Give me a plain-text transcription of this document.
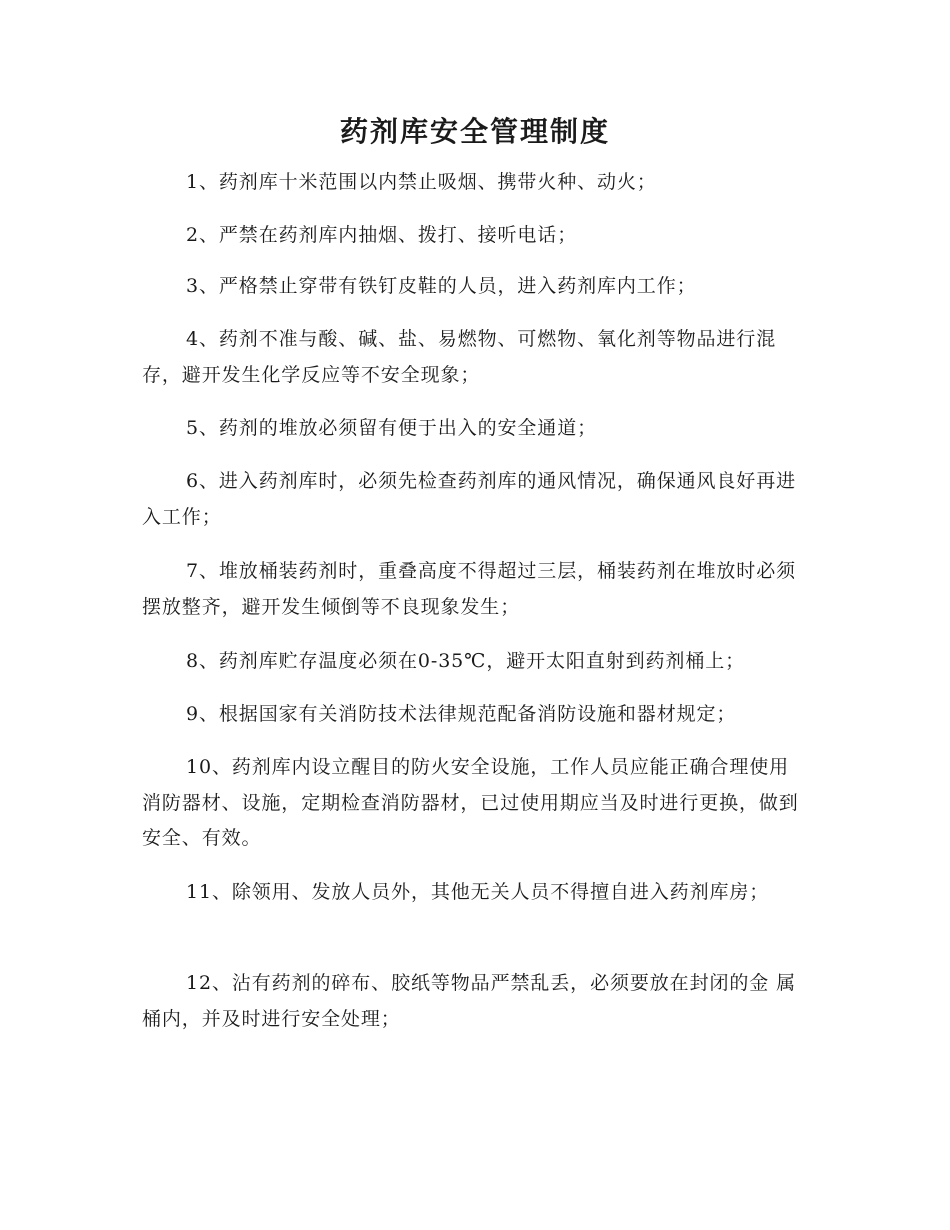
药剂库安全管理制度

1、药剂库十米范围以内禁止吸烟、携带火种、动火；

2、严禁在药剂库内抽烟、拨打、接听电话；

3、严格禁止穿带有铁钉皮鞋的人员，进入药剂库内工作；

4、药剂不准与酸、碱、盐、易燃物、可燃物、氧化剂等物品进行混存，避开发生化学反应等不安全现象；

5、药剂的堆放必须留有便于出入的安全通道；

6、进入药剂库时，必须先检查药剂库的通风情况，确保通风良好再进入工作；

7、堆放桶装药剂时，重叠高度不得超过三层，桶装药剂在堆放时必须摆放整齐，避开发生倾倒等不良现象发生；

8、药剂库贮存温度必须在0-35℃，避开太阳直射到药剂桶上；

9、根据国家有关消防技术法律规范配备消防设施和器材规定；

10、药剂库内设立醒目的防火安全设施，工作人员应能正确合理使用消防器材、设施，定期检查消防器材，已过使用期应当及时进行更换，做到安全、有效。

11、除领用、发放人员外，其他无关人员不得擅自进入药剂库房；

12、沾有药剂的碎布、胶纸等物品严禁乱丢，必须要放在封闭的金 属桶内，并及时进行安全处理；
